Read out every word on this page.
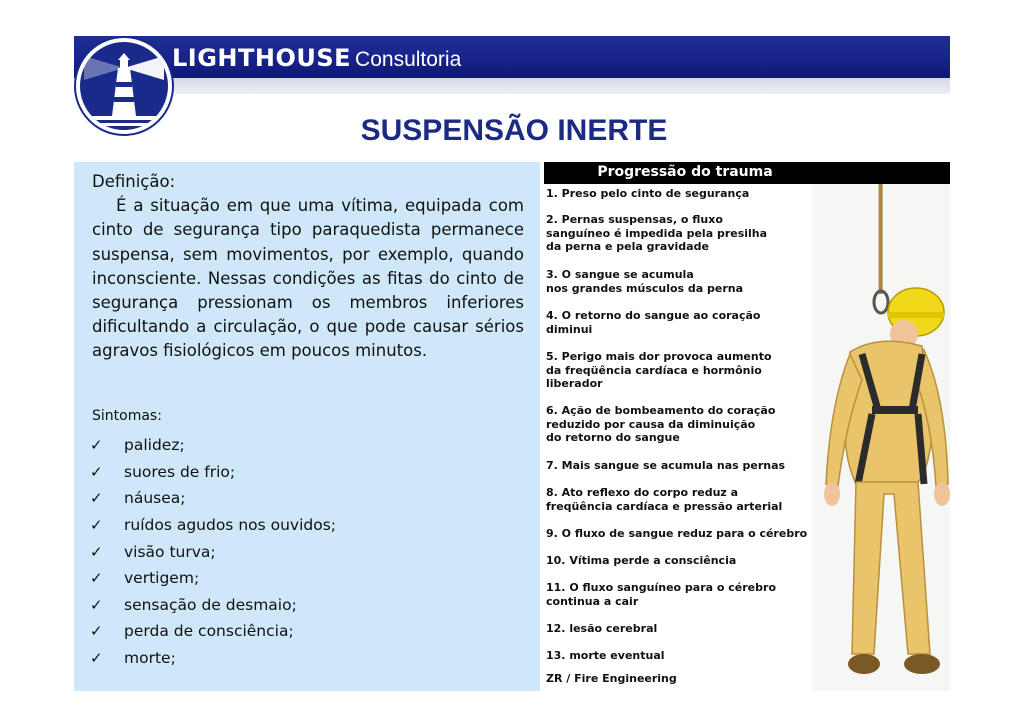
LIGHTHOUSE Consultoria
SUSPENSÃO INERTE
Definição:
É a situação em que uma vítima, equipada com cinto de segurança tipo paraquedista permanece suspensa, sem movimentos, por exemplo, quando inconsciente. Nessas condições as fitas do cinto de segurança pressionam os membros inferiores dificultando a circulação, o que pode causar sérios agravos fisiológicos em poucos minutos.
Sintomas:
✓	palidez;
✓	suores de frio;
✓	náusea;
✓	ruídos agudos nos ouvidos;
✓	visão turva;
✓	vertigem;
✓	sensação de desmaio;
✓	perda de consciência;
✓	morte;
Progressão do trauma
1. Preso pelo cinto de segurança
2. Pernas suspensas, o fluxo
sanguíneo é impedida pela presilha
da perna e pela gravidade
3. O sangue se acumula
nos grandes músculos da perna
4. O retorno do sangue ao coração
diminui
5. Perigo mais dor provoca aumento
da freqüência cardíaca e hormônio
liberador
6. Ação de bombeamento do coração
reduzido por causa da diminuição
do retorno do sangue
7. Mais sangue se acumula nas pernas
8. Ato reflexo do corpo reduz a
freqüência cardíaca e pressão arterial
9. O fluxo de sangue reduz para o cérebro
10. Vítima perde a consciência
11. O fluxo sanguíneo para o cérebro
continua a cair
12. lesão cerebral
13. morte eventual
ZR / Fire Engineering
